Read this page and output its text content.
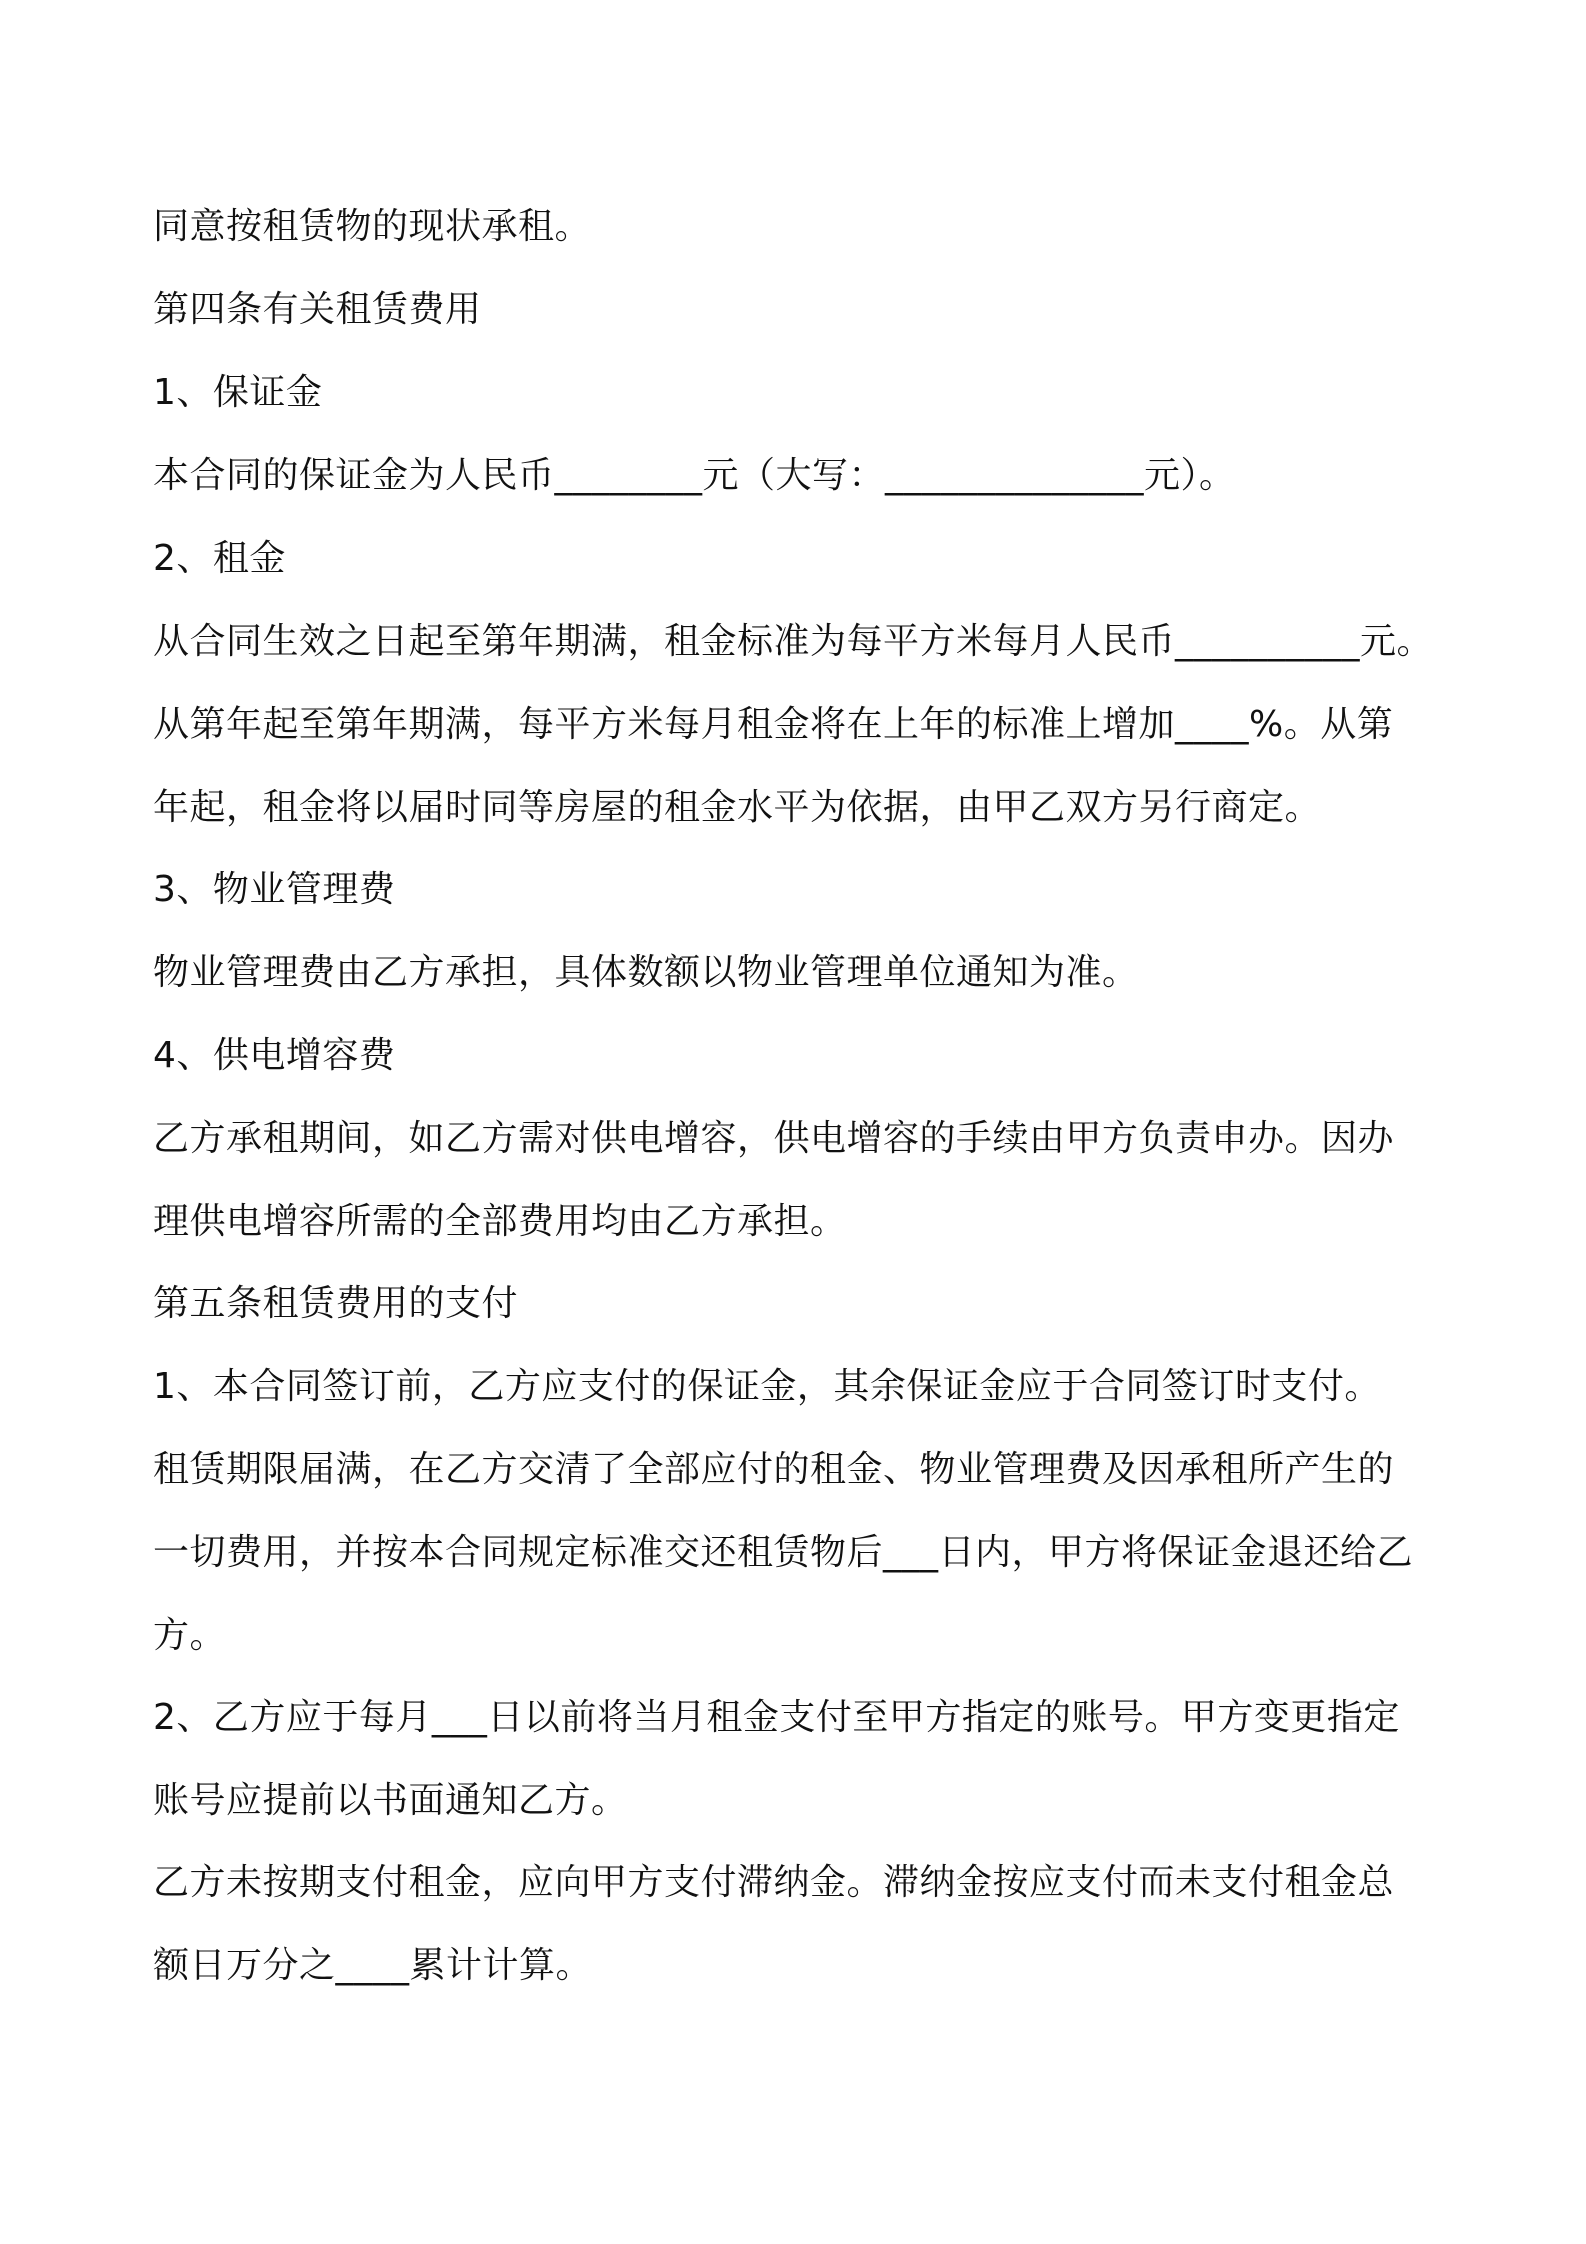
同意按租赁物的现状承租。
第四条有关租赁费用
1、保证金
本合同的保证金为人民币________元（大写：______________元）。
2、租金
从合同生效之日起至第年期满，租金标准为每平方米每月人民币__________元。
从第年起至第年期满，每平方米每月租金将在上年的标准上增加____%。从第
年起，租金将以届时同等房屋的租金水平为依据，由甲乙双方另行商定。
3、物业管理费
物业管理费由乙方承担，具体数额以物业管理单位通知为准。
4、供电增容费
乙方承租期间，如乙方需对供电增容，供电增容的手续由甲方负责申办。因办
理供电增容所需的全部费用均由乙方承担。
第五条租赁费用的支付
1、本合同签订前，乙方应支付的保证金，其余保证金应于合同签订时支付。
租赁期限届满，在乙方交清了全部应付的租金、物业管理费及因承租所产生的
一切费用，并按本合同规定标准交还租赁物后___日内，甲方将保证金退还给乙
方。
2、乙方应于每月___日以前将当月租金支付至甲方指定的账号。甲方变更指定
账号应提前以书面通知乙方。
乙方未按期支付租金，应向甲方支付滞纳金。滞纳金按应支付而未支付租金总
额日万分之____累计计算。
